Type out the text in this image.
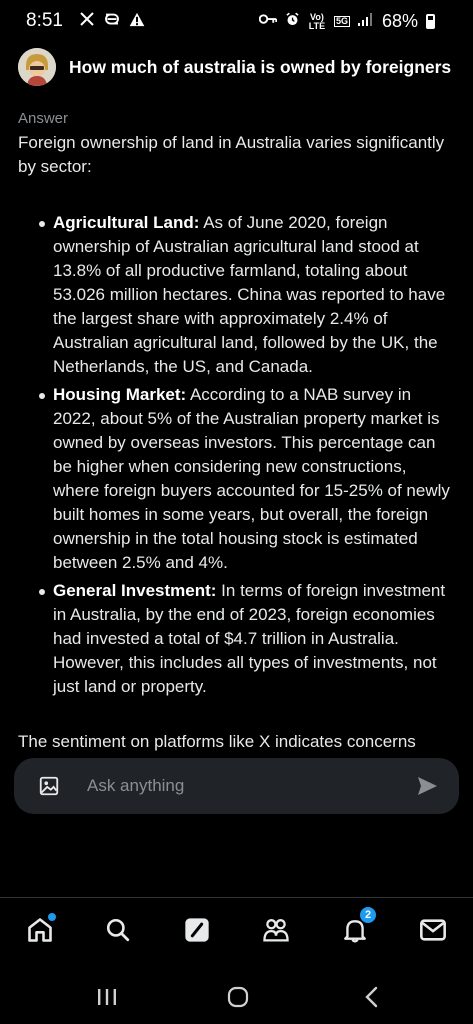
8:51	Vo) LTE 5G 68%
How much of australia is owned by foreigners
Answer

Foreign ownership of land in Australia varies significantly by sector:

Agricultural Land: As of June 2020, foreign ownership of Australian agricultural land stood at 13.8% of all productive farmland, totaling about 53.026 million hectares. China was reported to have the largest share with approximately 2.4% of Australian agricultural land, followed by the UK, the Netherlands, the US, and Canada.
Housing Market: According to a NAB survey in 2022, about 5% of the Australian property market is owned by overseas investors. This percentage can be higher when considering new constructions, where foreign buyers accounted for 15-25% of newly built homes in some years, but overall, the foreign ownership in the total housing stock is estimated between 2.5% and 4%.
General Investment: In terms of foreign investment in Australia, by the end of 2023, foreign economies had invested a total of $4.7 trillion in Australia. However, this includes all types of investments, not just land or property.
The sentiment on platforms like X indicates concerns
Ask anything
2
